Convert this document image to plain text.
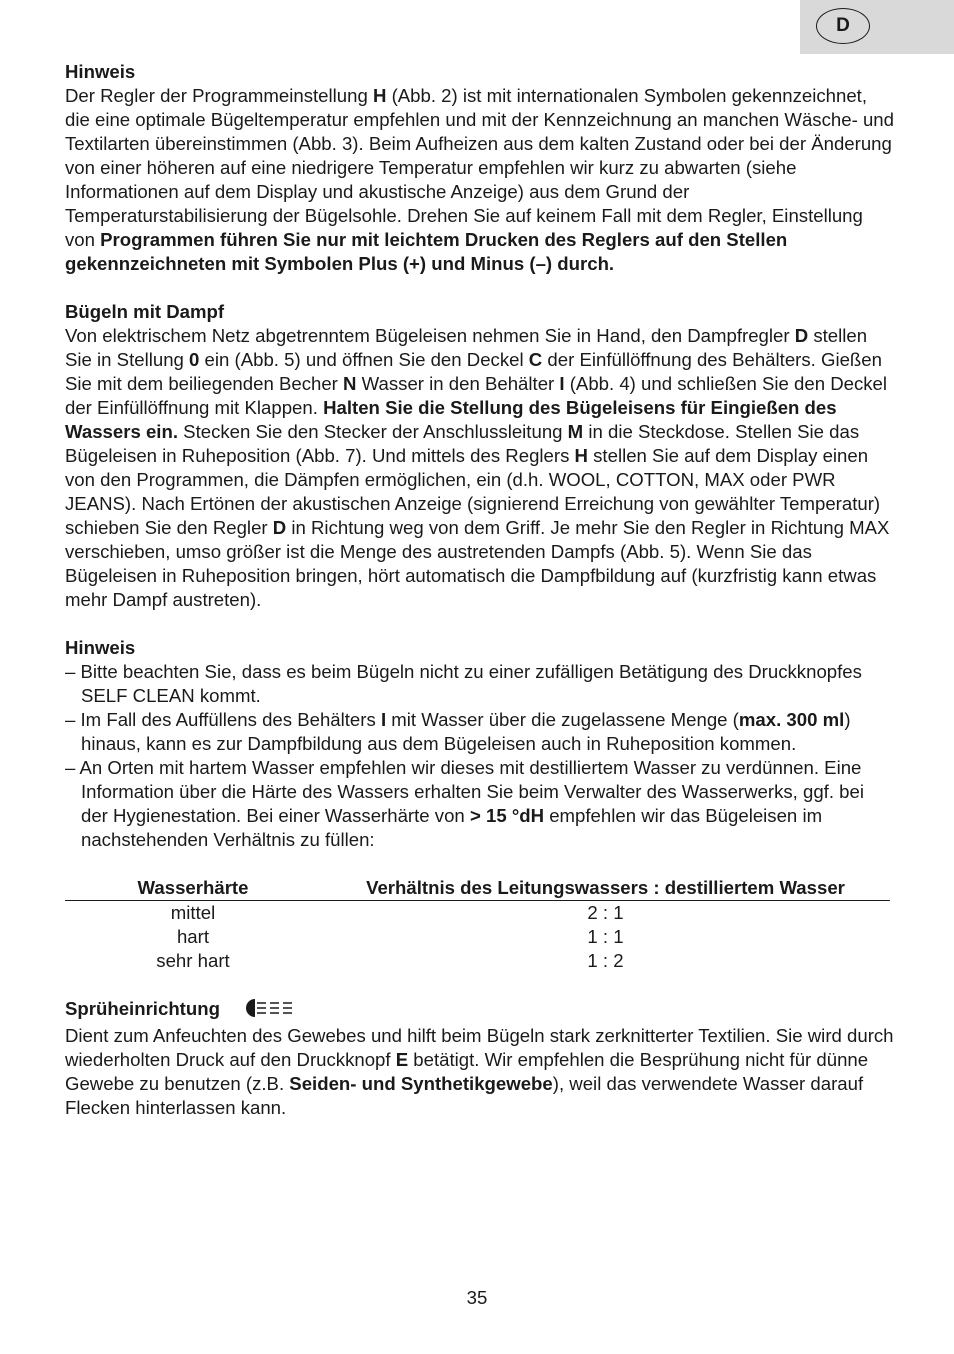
D
Hinweis

Der Regler der Programmeinstellung H (Abb. 2) ist mit internationalen Symbolen gekennzeichnet, die eine optimale Bügeltemperatur empfehlen und mit der Kennzeichnung an manchen Wäsche- und Textilarten übereinstimmen (Abb. 3). Beim Aufheizen aus dem kalten Zustand oder bei der Änderung von einer höheren auf eine niedrigere Temperatur empfehlen wir kurz zu abwarten (siehe Informationen auf dem Display und akustische Anzeige) aus dem Grund der Temperaturstabilisierung der Bügelsohle. Drehen Sie auf keinem Fall mit dem Regler, Einstellung von Programmen führen Sie nur mit leichtem Drucken des Reglers auf den Stellen gekennzeichneten mit Symbolen Plus (+) und Minus (–) durch.

Bügeln mit Dampf

Von elektrischem Netz abgetrenntem Bügeleisen nehmen Sie in Hand, den Dampfregler D stellen Sie in Stellung 0 ein (Abb. 5) und öffnen Sie den Deckel C der Einfüllöffnung des Behälters. Gießen Sie mit dem beiliegenden Becher N Wasser in den Behälter I (Abb. 4) und schließen Sie den Deckel der Einfüllöffnung mit Klappen. Halten Sie die Stellung des Bügeleisens für Eingießen des Wassers ein. Stecken Sie den Stecker der Anschlussleitung M in die Steckdose. Stellen Sie das Bügeleisen in Ruheposition (Abb. 7). Und mittels des Reglers H stellen Sie auf dem Display einen von den Programmen, die Dämpfen ermöglichen, ein (d.h. WOOL, COTTON, MAX oder PWR JEANS). Nach Ertönen der akustischen Anzeige (signierend Erreichung von gewählter Temperatur) schieben Sie den Regler D in Richtung weg von dem Griff. Je mehr Sie den Regler in Richtung MAX verschieben, umso größer ist die Menge des austretenden Dampfs (Abb. 5). Wenn Sie das Bügeleisen in Ruheposition bringen, hört automatisch die Dampfbildung auf (kurzfristig kann etwas mehr Dampf austreten).

Hinweis
– Bitte beachten Sie, dass es beim Bügeln nicht zu einer zufälligen Betätigung des Druckknopfes SELF CLEAN kommt.
– Im Fall des Auffüllens des Behälters I mit Wasser über die zugelassene Menge (max. 300 ml) hinaus, kann es zur Dampfbildung aus dem Bügeleisen auch in Ruheposition kommen.
– An Orten mit hartem Wasser empfehlen wir dieses mit destilliertem Wasser zu verdünnen. Eine Information über die Härte des Wassers erhalten Sie beim Verwalter des Wasserwerks, ggf. bei der Hygienestation. Bei einer Wasserhärte von > 15 °dH empfehlen wir das Bügeleisen im nachstehenden Verhältnis zu füllen:
Wasserhärte	Verhältnis des Leitungswassers : destilliertem Wasser
mittel	2 : 1
hart	1 : 1
sehr hart	1 : 2
Sprüheinrichtung

Dient zum Anfeuchten des Gewebes und hilft beim Bügeln stark zerknitterter Textilien. Sie wird durch wiederholten Druck auf den Druckknopf E betätigt. Wir empfehlen die Besprühung nicht für dünne Gewebe zu benutzen (z.B. Seiden- und Synthetikgewebe), weil das verwendete Wasser darauf Flecken hinterlassen kann.

35
